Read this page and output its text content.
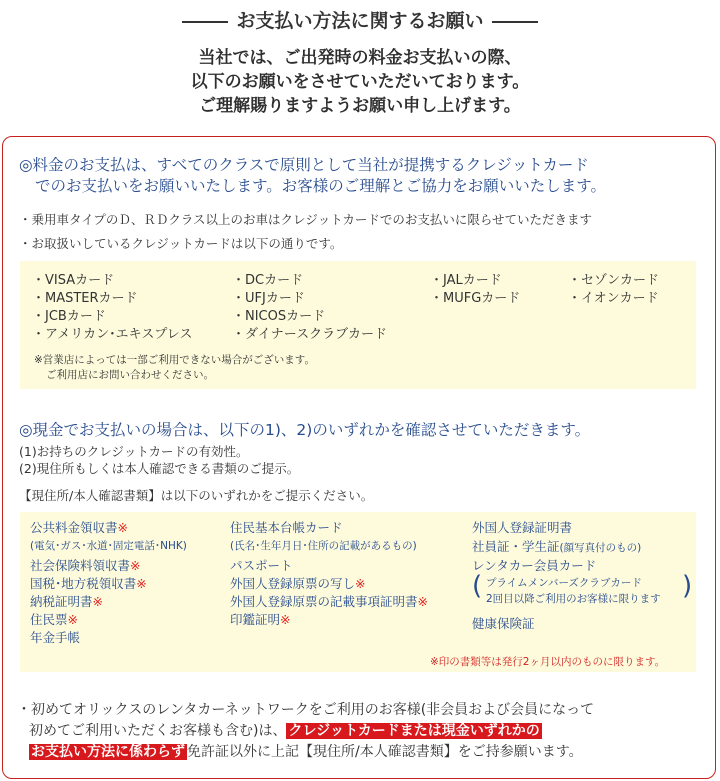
お支払い方法に関するお願い
当社では、ご出発時の料金お支払いの際、
以下のお願いをさせていただいております。
ご理解賜りますようお願い申し上げます。
◎料金のお支払は、すべてのクラスで原則として当社が提携するクレジットカード
でのお支払いをお願いいたします。お客様のご理解とご協力をお願いいたします。
・乗用車タイプのＤ、ＲＤクラス以上のお車はクレジットカードでのお支払いに限らせていただきます
・お取扱いしているクレジットカードは以下の通りです。
・VISAカード
・MASTERカード
・JCBカード
・アメリカン･エキスプレス
・DCカード
・UFJカード
・NICOSカード
・ダイナースクラブカード
・JALカード
・MUFGカード
・セゾンカード
・イオンカード
※営業店によっては一部ご利用できない場合がございます。
ご利用店にお問い合わせください。
◎現金でお支払いの場合は、以下の1)、2)のいずれかを確認させていただきます。
(1)お持ちのクレジットカードの有効性。
(2)現住所もしくは本人確認できる書類のご提示。
【現住所/本人確認書類】は以下のいずれかをご提示ください。
公共料金領収書※
(電気･ガス･水道･固定電話･NHK)
社会保険料領収書※
国税･地方税領収書※
納税証明書※
住民票※
年金手帳
住民基本台帳カード
(氏名･生年月日･住所の記載があるもの)
パスポート
外国人登録原票の写し※
外国人登録原票の記載事項証明書※
印鑑証明※
外国人登録証明書
社員証・学生証(顔写真付のもの)
レンタカー会員カード
( プライムメンバーズクラブカード
2回目以降ご利用のお客様に限ります )
健康保険証
※印の書類等は発行2ヶ月以内のものに限ります。
・初めてオリックスのレンタカーネットワークをご利用のお客様(非会員および会員になって
初めてご利用いただくお客様も含む)は、 クレジットカードまたは現金いずれかの
お支払い方法に係わらず 免許証以外に上記【現住所/本人確認書類】をご持参願います。
